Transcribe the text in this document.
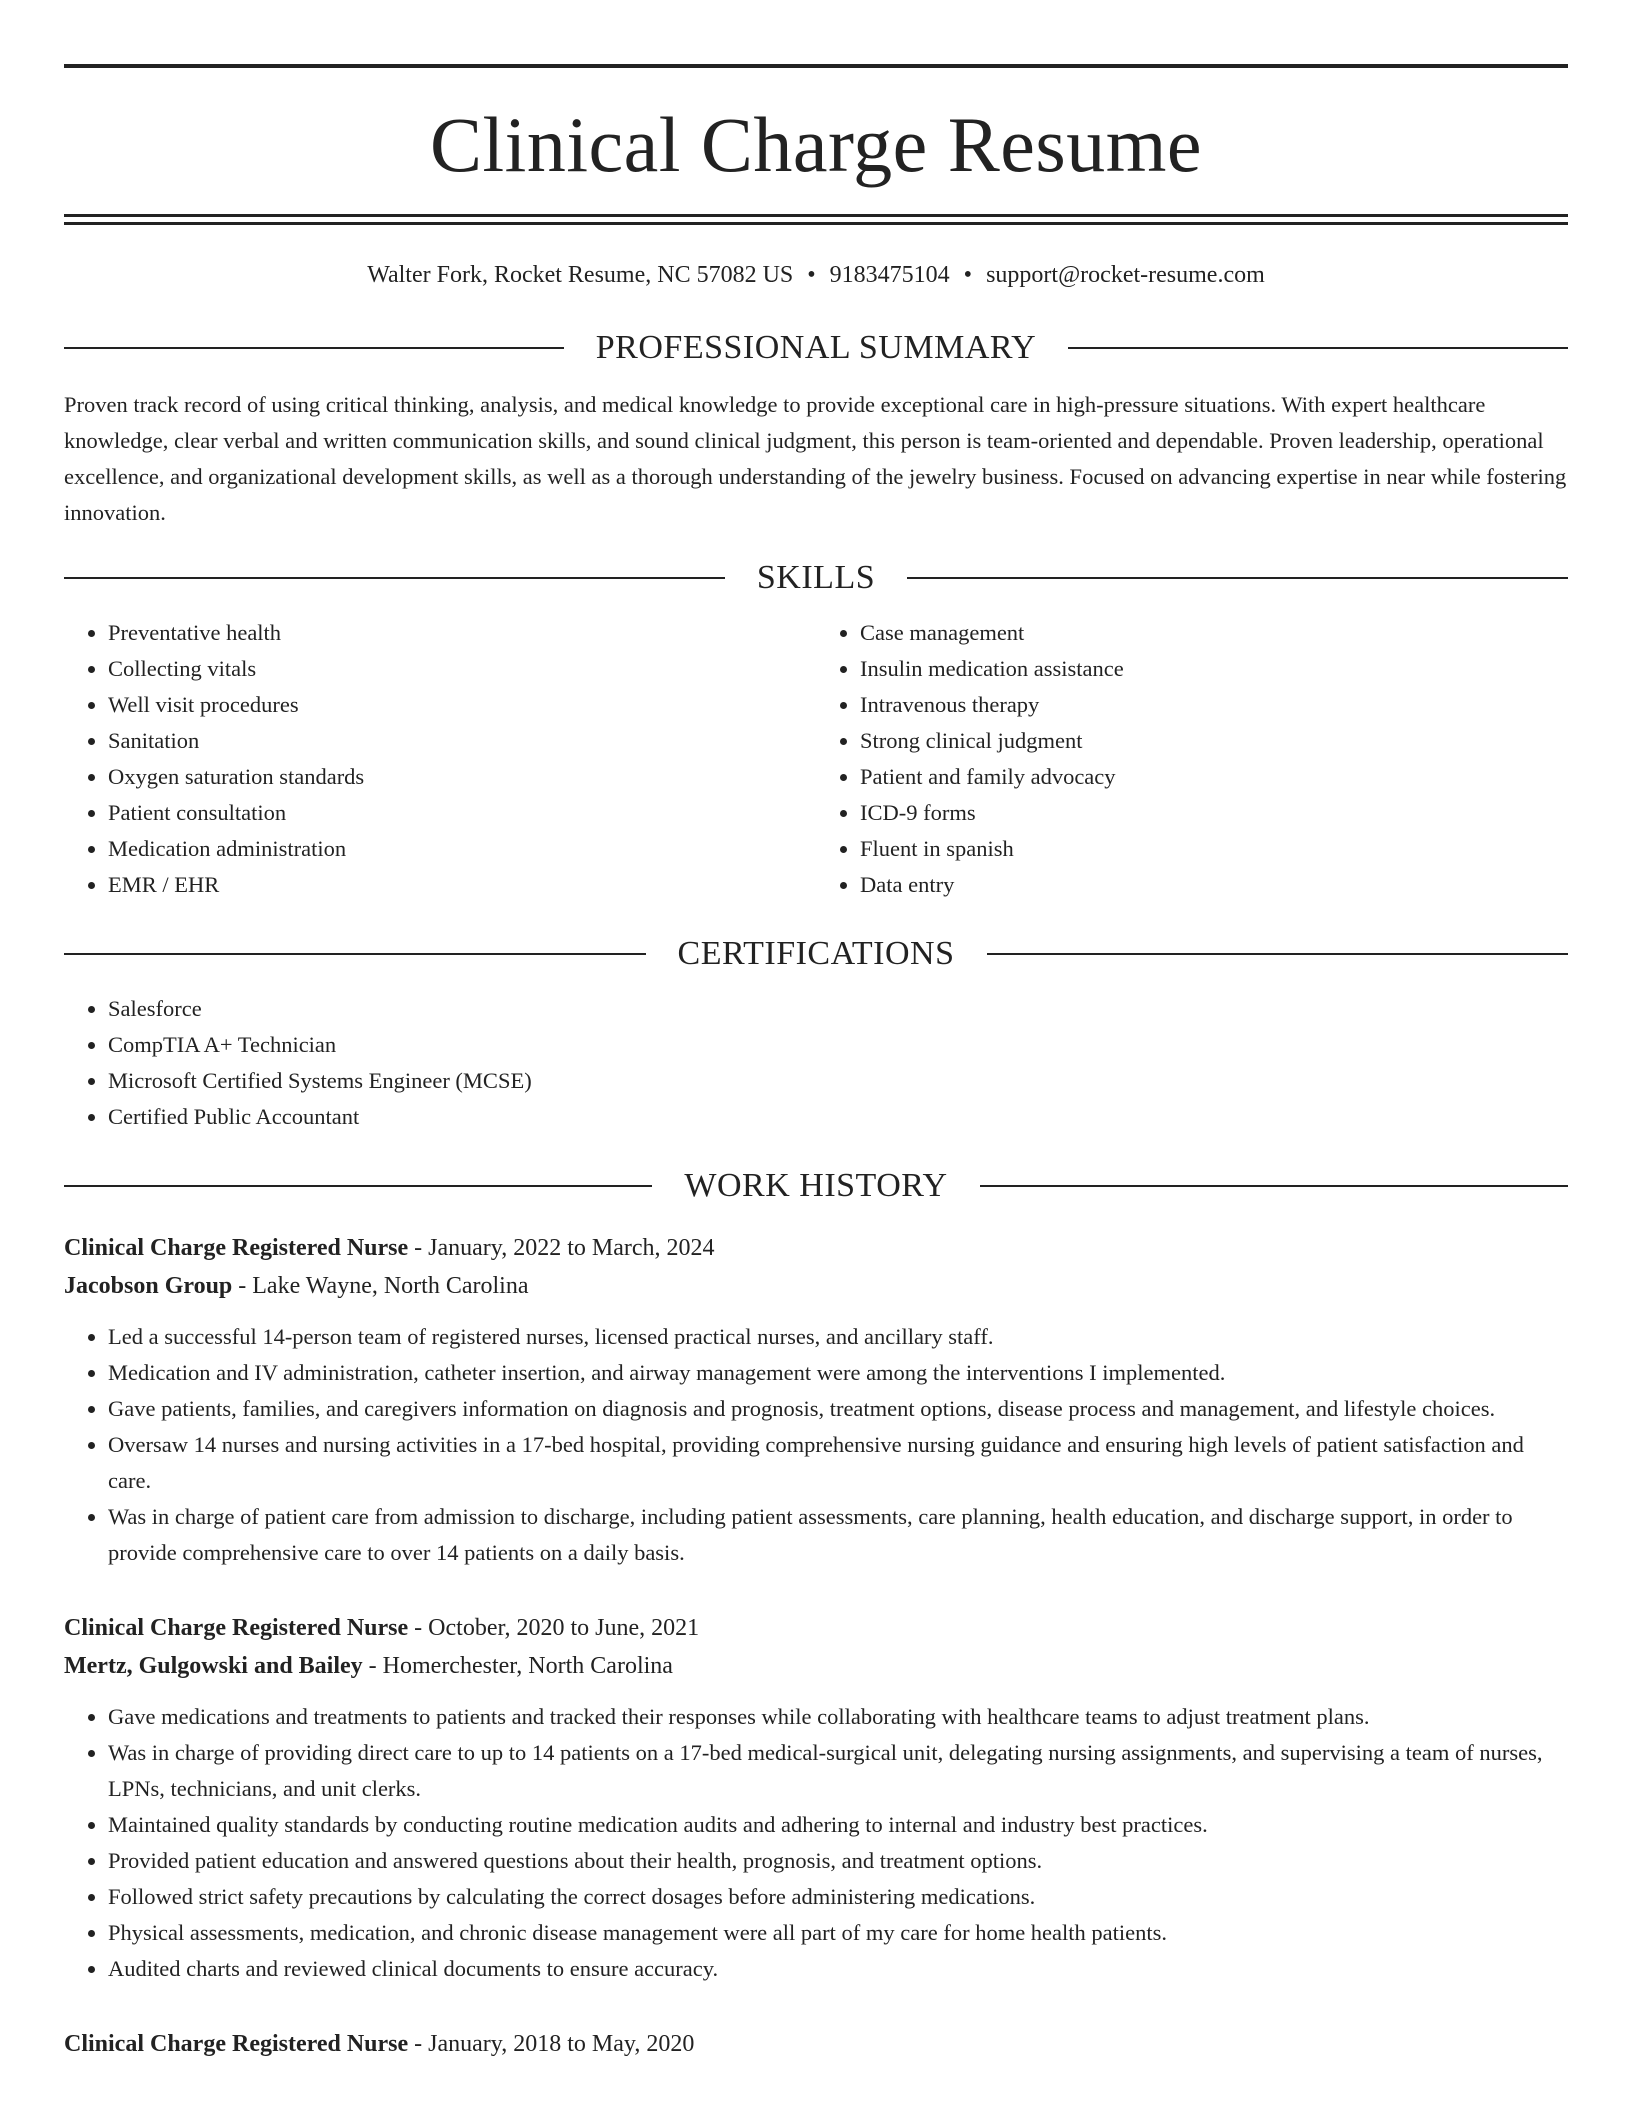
Clinical Charge Resume
Walter Fork, Rocket Resume, NC 57082 US • 9183475104 • support@rocket-resume.com
PROFESSIONAL SUMMARY

Proven track record of using critical thinking, analysis, and medical knowledge to provide exceptional care in high-pressure situations. With expert healthcare knowledge, clear verbal and written communication skills, and sound clinical judgment, this person is team-oriented and dependable. Proven leadership, operational excellence, and organizational development skills, as well as a thorough understanding of the jewelry business. Focused on advancing expertise in near while fostering innovation.

SKILLS
• Preventative health
• Collecting vitals
• Well visit procedures
• Sanitation
• Oxygen saturation standards
• Patient consultation
• Medication administration
• EMR / EHR
• Case management
• Insulin medication assistance
• Intravenous therapy
• Strong clinical judgment
• Patient and family advocacy
• ICD-9 forms
• Fluent in spanish
• Data entry
CERTIFICATIONS
• Salesforce
• CompTIA A+ Technician
• Microsoft Certified Systems Engineer (MCSE)
• Certified Public Accountant
WORK HISTORY
Clinical Charge Registered Nurse - January, 2022 to March, 2024
Jacobson Group - Lake Wayne, North Carolina
• Led a successful 14-person team of registered nurses, licensed practical nurses, and ancillary staff.
• Medication and IV administration, catheter insertion, and airway management were among the interventions I implemented.
• Gave patients, families, and caregivers information on diagnosis and prognosis, treatment options, disease process and management, and lifestyle choices.
• Oversaw 14 nurses and nursing activities in a 17-bed hospital, providing comprehensive nursing guidance and ensuring high levels of patient satisfaction and care.
• Was in charge of patient care from admission to discharge, including patient assessments, care planning, health education, and discharge support, in order to provide comprehensive care to over 14 patients on a daily basis.
Clinical Charge Registered Nurse - October, 2020 to June, 2021
Mertz, Gulgowski and Bailey - Homerchester, North Carolina
• Gave medications and treatments to patients and tracked their responses while collaborating with healthcare teams to adjust treatment plans.
• Was in charge of providing direct care to up to 14 patients on a 17-bed medical-surgical unit, delegating nursing assignments, and supervising a team of nurses, LPNs, technicians, and unit clerks.
• Maintained quality standards by conducting routine medication audits and adhering to internal and industry best practices.
• Provided patient education and answered questions about their health, prognosis, and treatment options.
• Followed strict safety precautions by calculating the correct dosages before administering medications.
• Physical assessments, medication, and chronic disease management were all part of my care for home health patients.
• Audited charts and reviewed clinical documents to ensure accuracy.
Clinical Charge Registered Nurse - January, 2018 to May, 2020
